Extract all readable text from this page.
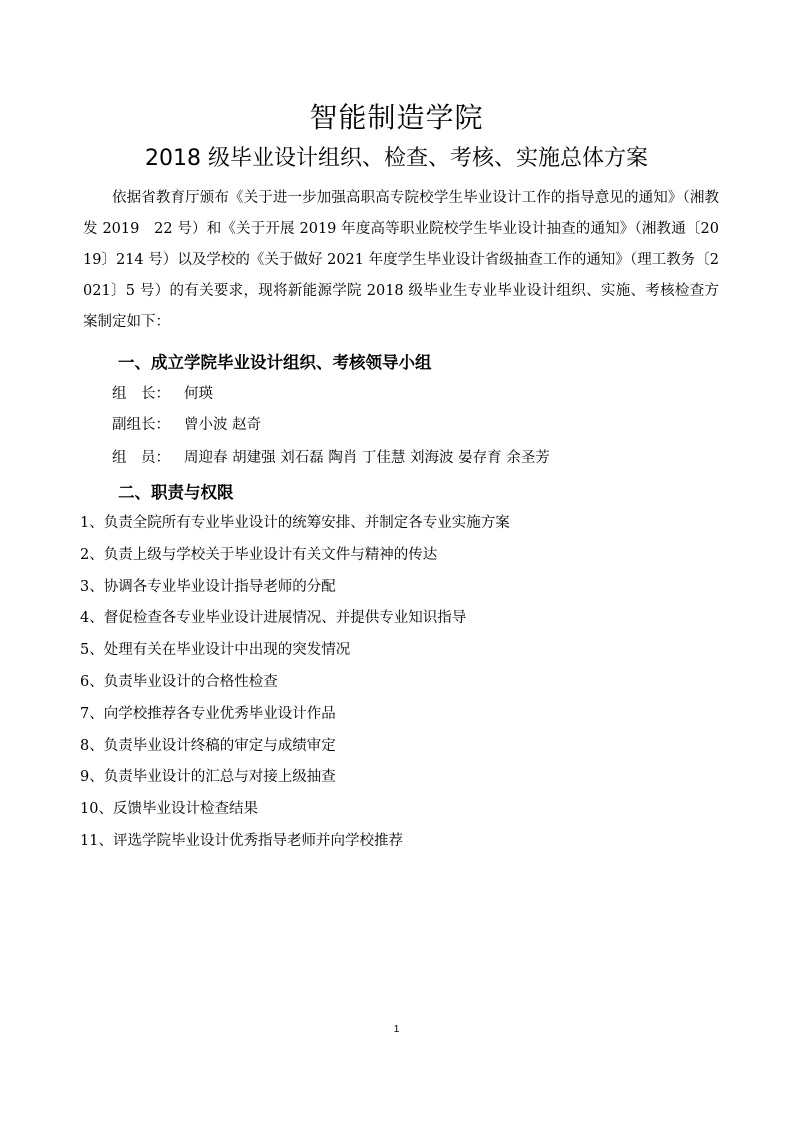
智能制造学院
2018 级毕业设计组织、检查、考核、实施总体方案
依据省教育厅颁布《关于进一步加强高职高专院校学生毕业设计工作的指导意见的通知》（湘教发 2019　22 号）和《关于开展 2019 年度高等职业院校学生毕业设计抽查的通知》（湘教通〔2019〕214 号）以及学校的《关于做好 2021 年度学生毕业设计省级抽查工作的通知》（理工教务〔2021〕5 号）的有关要求，现将新能源学院 2018 级毕业生专业毕业设计组织、实施、考核检查方案制定如下：
一、成立学院毕业设计组织、考核领导小组
组　长： 何瑛
副组长： 曾小波 赵奇
组　员： 周迎春 胡建强 刘石磊 陶肖 丁佳慧 刘海波 晏存育 余圣芳
二、职责与权限
1、负责全院所有专业毕业设计的统筹安排、并制定各专业实施方案
2、负责上级与学校关于毕业设计有关文件与精神的传达
3、协调各专业毕业设计指导老师的分配
4、督促检查各专业毕业设计进展情况、并提供专业知识指导
5、处理有关在毕业设计中出现的突发情况
6、负责毕业设计的合格性检查
7、向学校推荐各专业优秀毕业设计作品
8、负责毕业设计终稿的审定与成绩审定
9、负责毕业设计的汇总与对接上级抽查
10、反馈毕业设计检查结果
11、评选学院毕业设计优秀指导老师并向学校推荐
1
